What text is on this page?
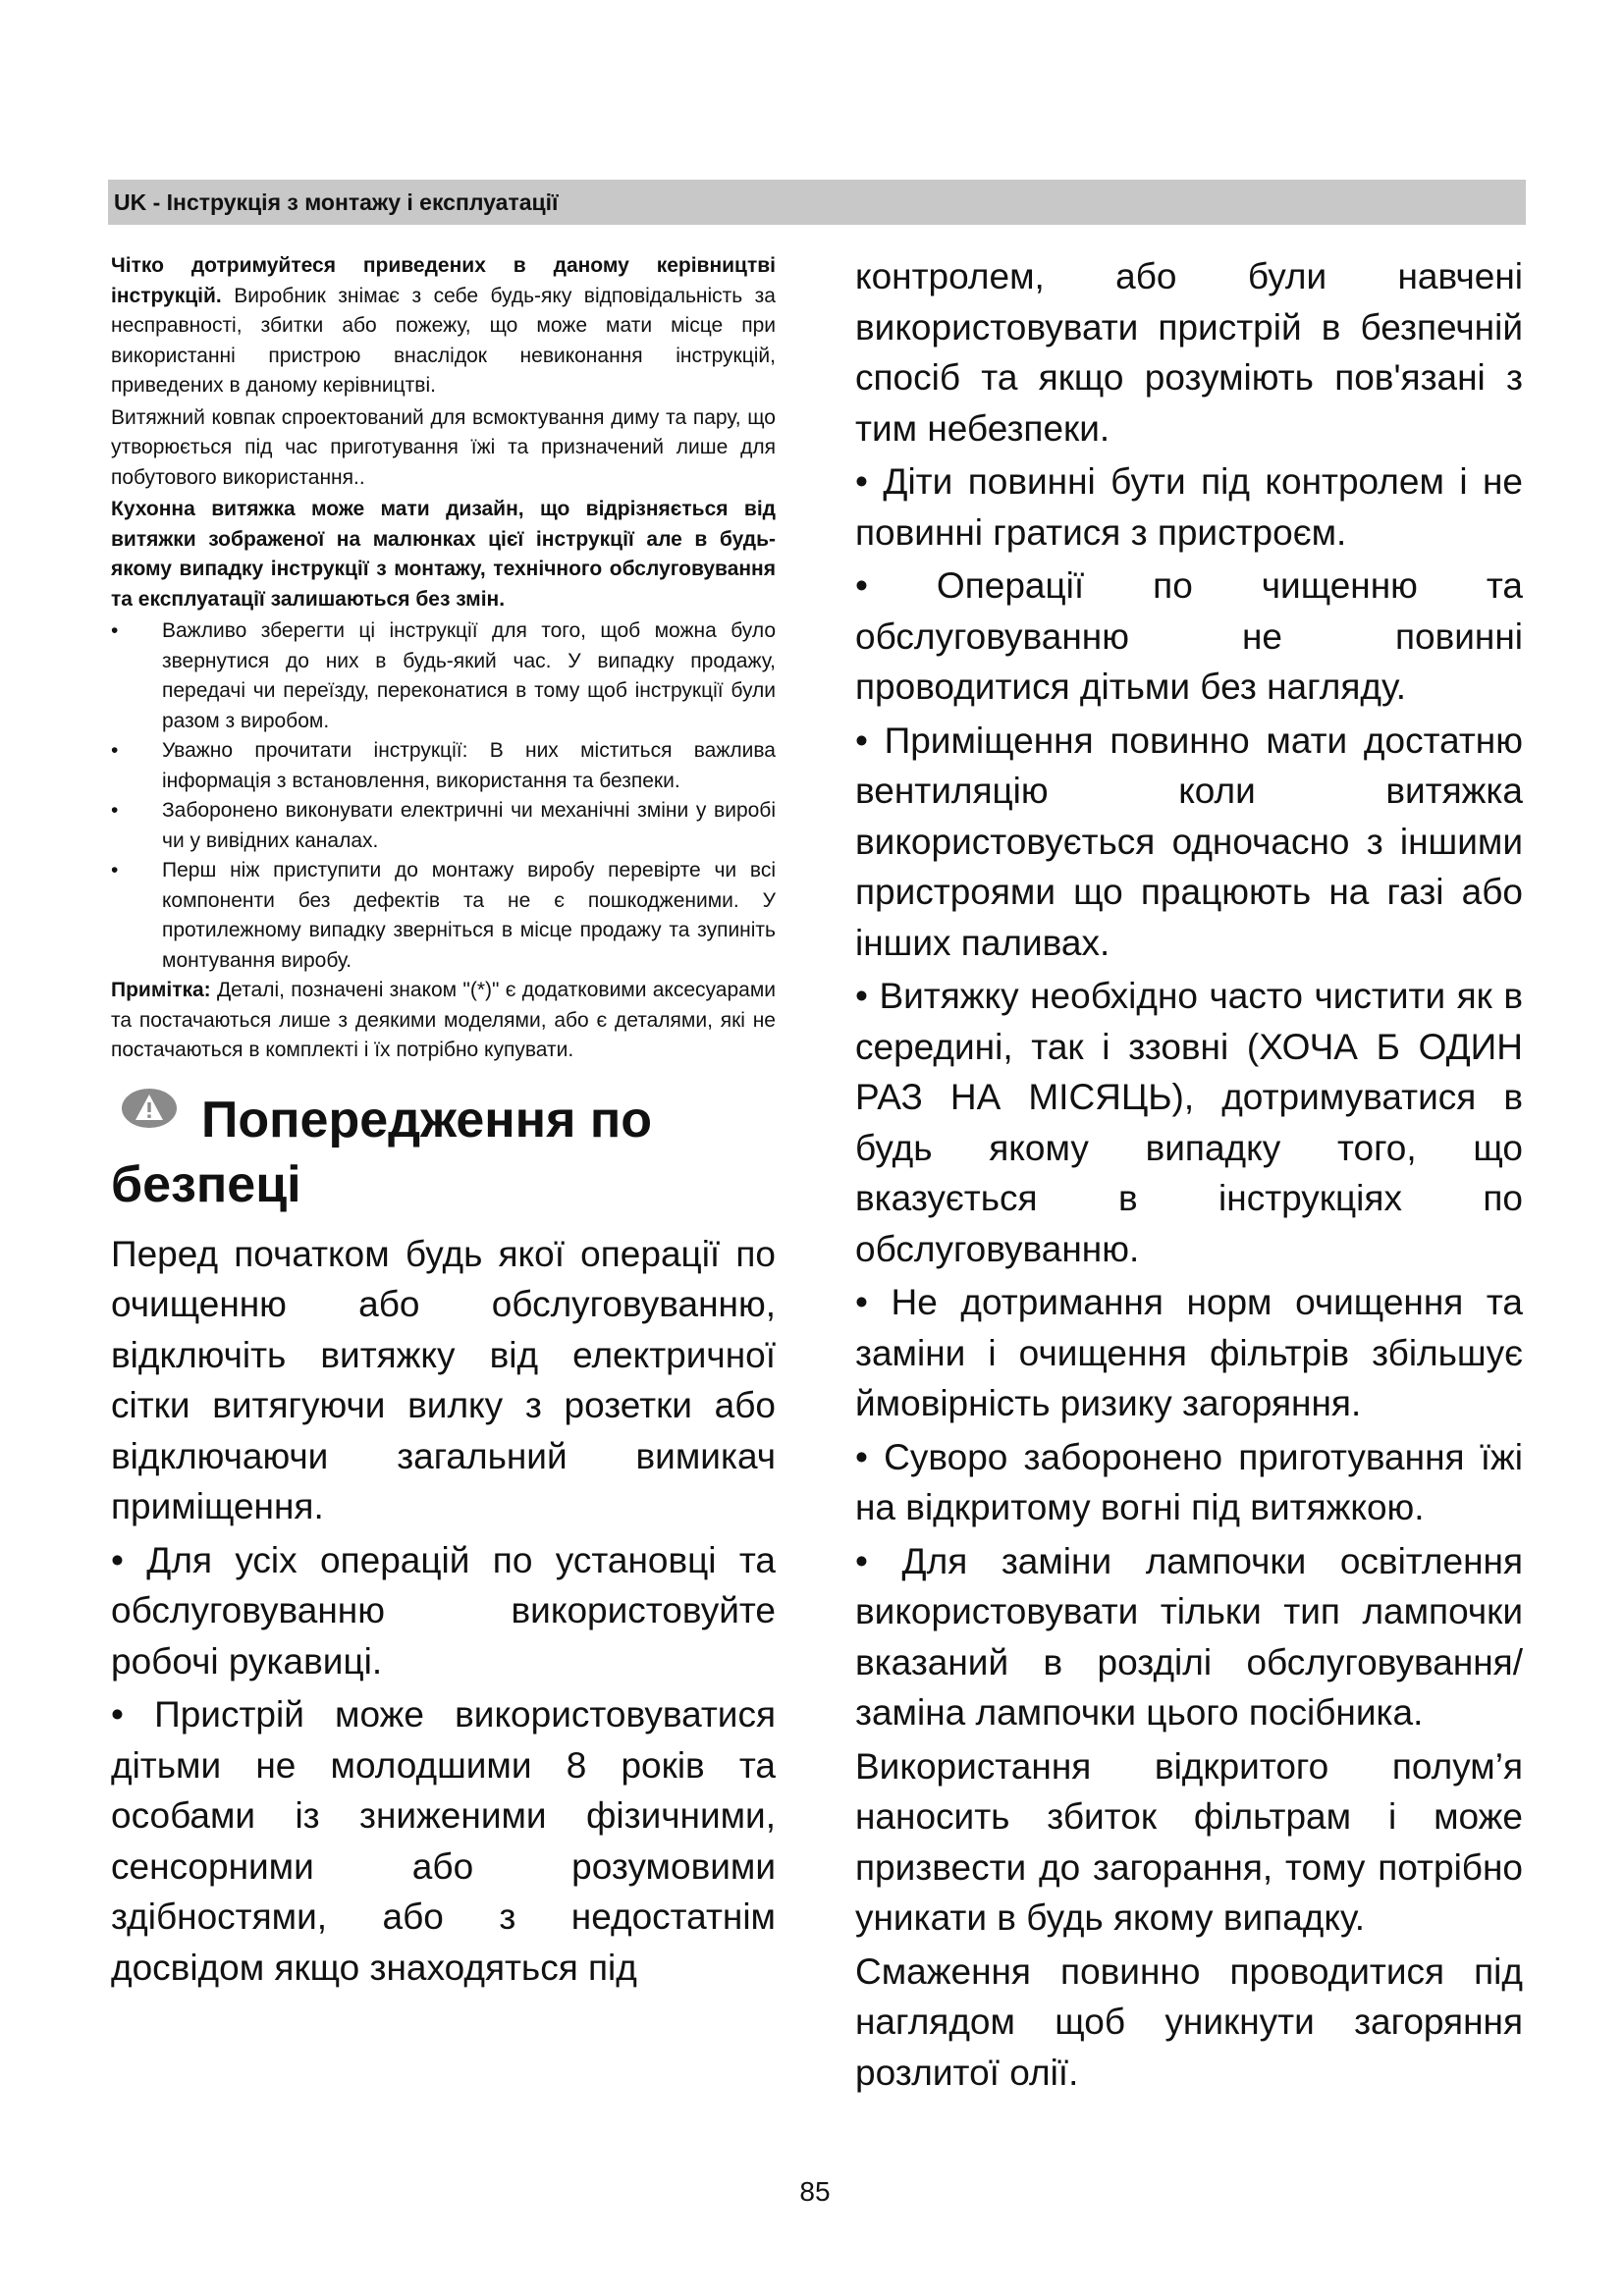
UK - Інструкція з монтажу і експлуатації

Чітко дотримуйтеся приведених в даному керівництві інструкцій. Виробник знімає з себе будь-яку відповідальність за несправності, збитки або пожежу, що може мати місце при використанні пристрою внаслідок невиконання інструкцій, приведених в даному керівництві.

Витяжний ковпак спроектований для всмоктування диму та пару, що утворюється під час приготування їжі та призначений лише для побутового використання..

Кухонна витяжка може мати дизайн, що відрізняється від витяжки зображеної на малюнках цієї інструкції але в будь-якому випадку інструкції з монтажу, технічного обслуговування та експлуатації залишаються без змін.

• Важливо зберегти ці інструкції для того, щоб можна було звернутися до них в будь-який час. У випадку продажу, передачі чи переїзду, переконатися в тому щоб інструкції були разом з виробом.
• Уважно прочитати інструкції: В них міститься важлива інформація з встановлення, використання та безпеки.
• Заборонено виконувати електричні чи механічні зміни у виробі чи у вивідних каналах.
• Перш ніж приступити до монтажу виробу перевірте чи всі компоненти без дефектів та не є пошкодженими. У протилежному випадку зверніться в місце продажу та зупиніть монтування виробу.

Примітка: Деталі, позначені знаком "(*)" є додатковими аксесуарами та постачаються лише з деякими моделями, або є деталями, які не постачаються в комплекті і їх потрібно купувати.

Попередження по безпеці

Перед початком будь якої операції по очищенню або обслуговуванню, відключіть витяжку від електричної сітки витягуючи вилку з розетки або відключаючи загальний вимикач приміщення.

• Для усіх операцій по установці та обслуговуванню використовуйте робочі рукавиці.

• Пристрій може використовуватися дітьми не молодшими 8 років та особами із зниженими фізичними, сенсорними або розумовими здібностями, або з недостатнім досвідом якщо знаходяться під

контролем, або були навчені використовувати пристрій в безпечній спосіб та якщо розуміють пов'язані з тим небезпеки.

• Діти повинні бути під контролем і не повинні гратися з пристроєм.

• Операції по чищенню та обслуговуванню не повинні проводитися дітьми без нагляду.

• Приміщення повинно мати достатню вентиляцію коли витяжка використовується одночасно з іншими пристроями що працюють на газі або інших паливах.

• Витяжку необхідно часто чистити як в середині, так і ззовні (ХОЧА Б ОДИН РАЗ НА МІСЯЦЬ), дотримуватися в будь якому випадку того, що вказується в інструкціях по обслуговуванню.

• Не дотримання норм очищення та заміни і очищення фільтрів збільшує ймовірність ризику загоряння.

• Суворо заборонено приготування їжі на відкритому вогні під витяжкою.

• Для заміни лампочки освітлення використовувати тільки тип лампочки вказаний в розділі обслуговування/заміна лампочки цього посібника.

Використання відкритого полум’я наносить збиток фільтрам і може призвести до загорання, тому потрібно уникати в будь якому випадку.

Смаження повинно проводитися під наглядом щоб уникнути загоряння розлитої олії.

85
